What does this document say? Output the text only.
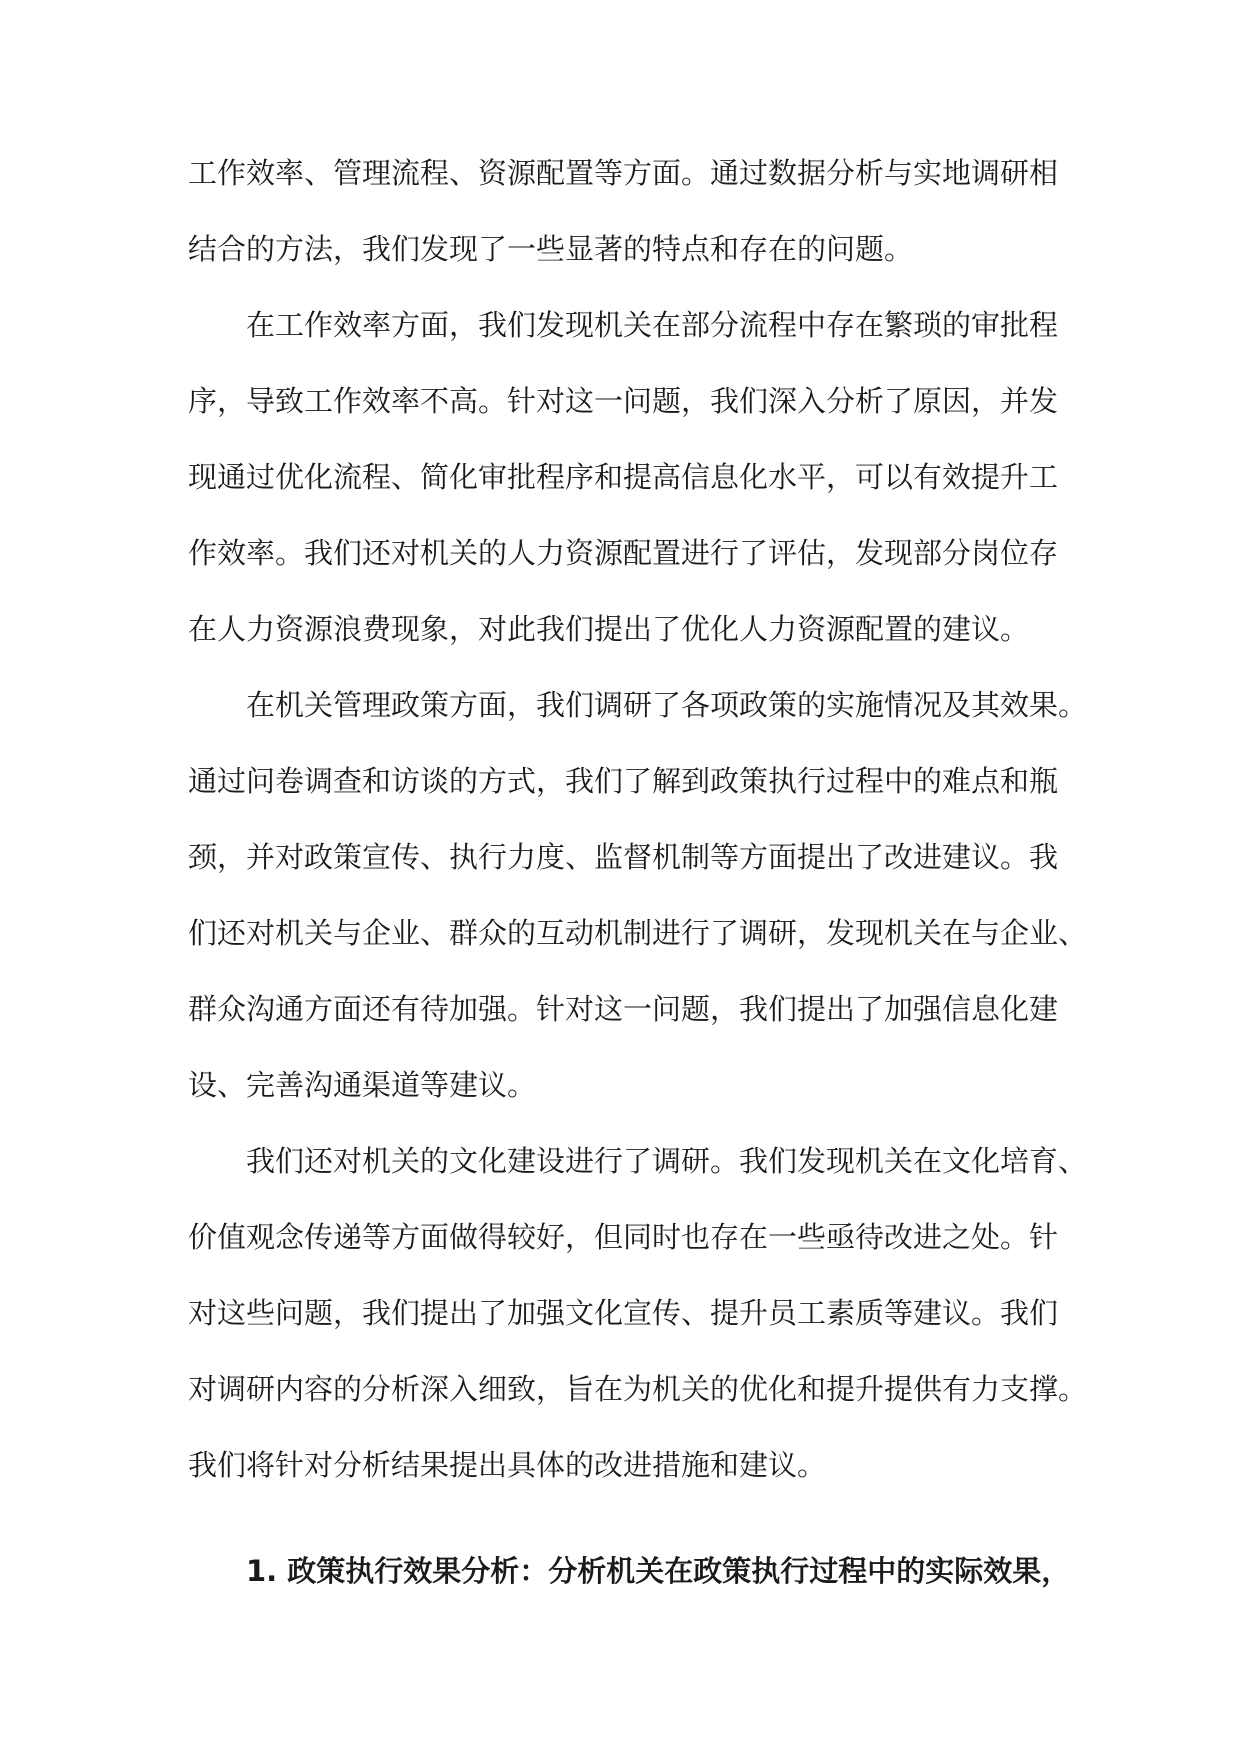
工作效率、管理流程、资源配置等方面。通过数据分析与实地调研相
结合的方法，我们发现了一些显著的特点和存在的问题。
在工作效率方面，我们发现机关在部分流程中存在繁琐的审批程
序，导致工作效率不高。针对这一问题，我们深入分析了原因，并发
现通过优化流程、简化审批程序和提高信息化水平，可以有效提升工
作效率。我们还对机关的人力资源配置进行了评估，发现部分岗位存
在人力资源浪费现象，对此我们提出了优化人力资源配置的建议。
在机关管理政策方面，我们调研了各项政策的实施情况及其效果。
通过问卷调查和访谈的方式，我们了解到政策执行过程中的难点和瓶
颈，并对政策宣传、执行力度、监督机制等方面提出了改进建议。我
们还对机关与企业、群众的互动机制进行了调研，发现机关在与企业、
群众沟通方面还有待加强。针对这一问题，我们提出了加强信息化建
设、完善沟通渠道等建议。
我们还对机关的文化建设进行了调研。我们发现机关在文化培育、
价值观念传递等方面做得较好，但同时也存在一些亟待改进之处。针
对这些问题，我们提出了加强文化宣传、提升员工素质等建议。我们
对调研内容的分析深入细致，旨在为机关的优化和提升提供有力支撑。
我们将针对分析结果提出具体的改进措施和建议。
1. 政策执行效果分析：分析机关在政策执行过程中的实际效果，
